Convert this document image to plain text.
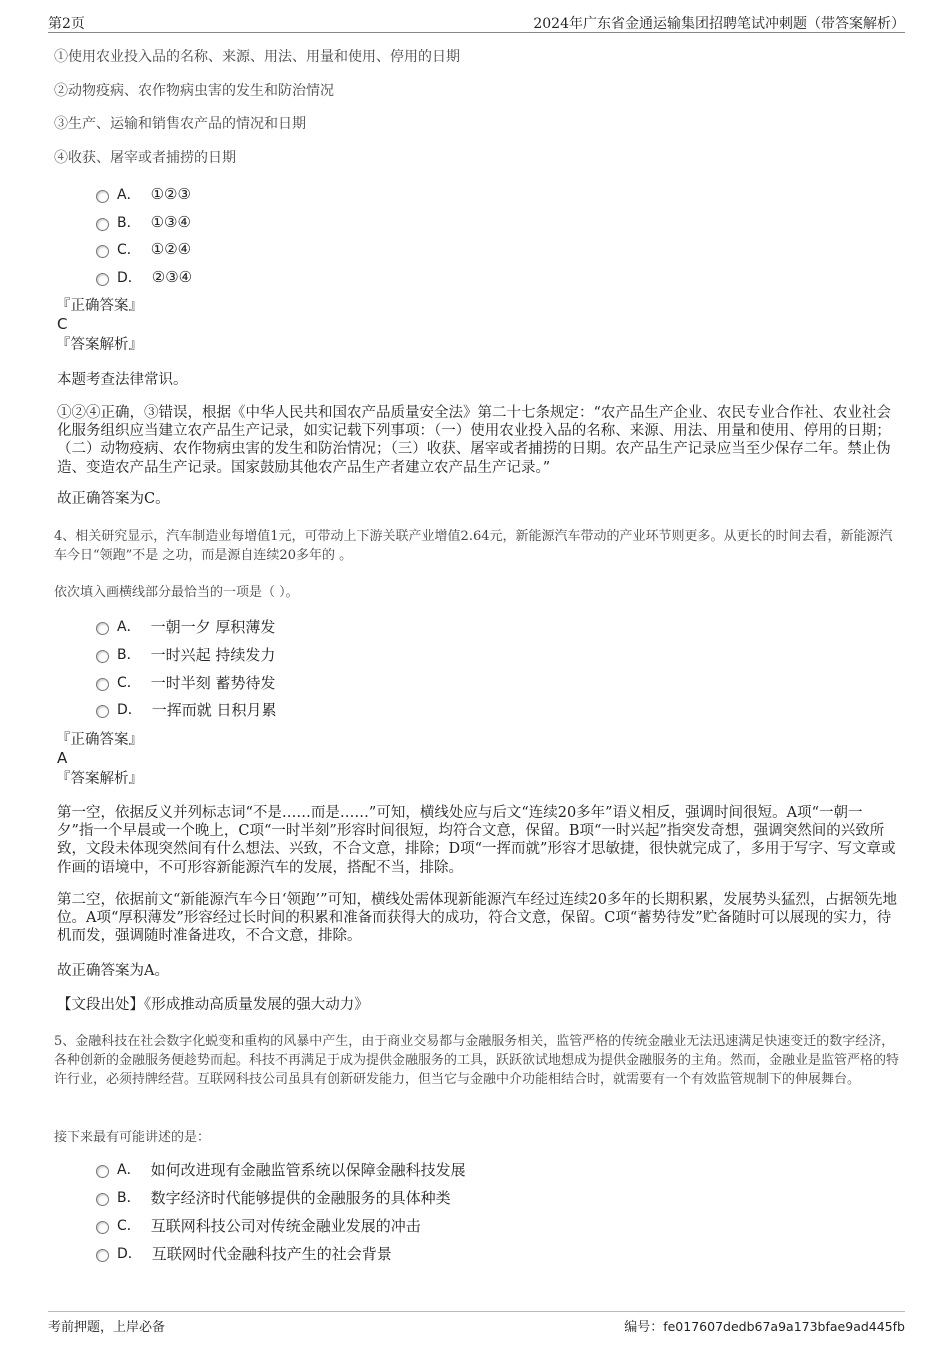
第2页	2024年广东省金通运输集团招聘笔试冲刺题（带答案解析）
①使用农业投入品的名称、来源、用法、用量和使用、停用的日期
②动物疫病、农作物病虫害的发生和防治情况
③生产、运输和销售农产品的情况和日期
④收获、屠宰或者捕捞的日期
A． ①②③
B． ①③④
C． ①②④
D． ②③④
『正确答案』
C
『答案解析』
本题考查法律常识。
①②④正确，③错误，根据《中华人民共和国农产品质量安全法》第二十七条规定：“农产品生产企业、农民专业合作社、农业社会化服务组织应当建立农产品生产记录，如实记载下列事项：（一）使用农业投入品的名称、来源、用法、用量和使用、停用的日期；（二）动物疫病、农作物病虫害的发生和防治情况；（三）收获、屠宰或者捕捞的日期。农产品生产记录应当至少保存二年。禁止伪造、变造农产品生产记录。国家鼓励其他农产品生产者建立农产品生产记录。”
故正确答案为C。
4、相关研究显示，汽车制造业每增值1元，可带动上下游关联产业增值2.64元，新能源汽车带动的产业环节则更多。从更长的时间去看，新能源汽车今日“领跑”不是 之功，而是源自连续20多年的 。
依次填入画横线部分最恰当的一项是（ ）。
A． 一朝一夕 厚积薄发
B． 一时兴起 持续发力
C． 一时半刻 蓄势待发
D． 一挥而就 日积月累
『正确答案』
A
『答案解析』
第一空，依据反义并列标志词“不是……而是……”可知，横线处应与后文“连续20多年”语义相反，强调时间很短。A项“一朝一夕”指一个早晨或一个晚上，C项“一时半刻”形容时间很短，均符合文意，保留。B项“一时兴起”指突发奇想，强调突然间的兴致所致，文段未体现突然间有什么想法、兴致，不合文意，排除；D项“一挥而就”形容才思敏捷，很快就完成了，多用于写字、写文章或作画的语境中，不可形容新能源汽车的发展，搭配不当，排除。
第二空，依据前文“新能源汽车今日‘领跑’”可知，横线处需体现新能源汽车经过连续20多年的长期积累，发展势头猛烈，占据领先地位。A项“厚积薄发”形容经过长时间的积累和准备而获得大的成功，符合文意，保留。C项“蓄势待发”贮备随时可以展现的实力，待机而发，强调随时准备进攻，不合文意，排除。
故正确答案为A。
【文段出处】《形成推动高质量发展的强大动力》
5、金融科技在社会数字化蜕变和重构的风暴中产生，由于商业交易都与金融服务相关，监管严格的传统金融业无法迅速满足快速变迁的数字经济，各种创新的金融服务便趁势而起。科技不再满足于成为提供金融服务的工具，跃跃欲试地想成为提供金融服务的主角。然而，金融业是监管严格的特许行业，必须持牌经营。互联网科技公司虽具有创新研发能力，但当它与金融中介功能相结合时，就需要有一个有效监管规制下的伸展舞台。
接下来最有可能讲述的是：
A． 如何改进现有金融监管系统以保障金融科技发展
B． 数字经济时代能够提供的金融服务的具体种类
C． 互联网科技公司对传统金融业发展的冲击
D． 互联网时代金融科技产生的社会背景
考前押题，上岸必备	编号：fe017607dedb67a9a173bfae9ad445fb
